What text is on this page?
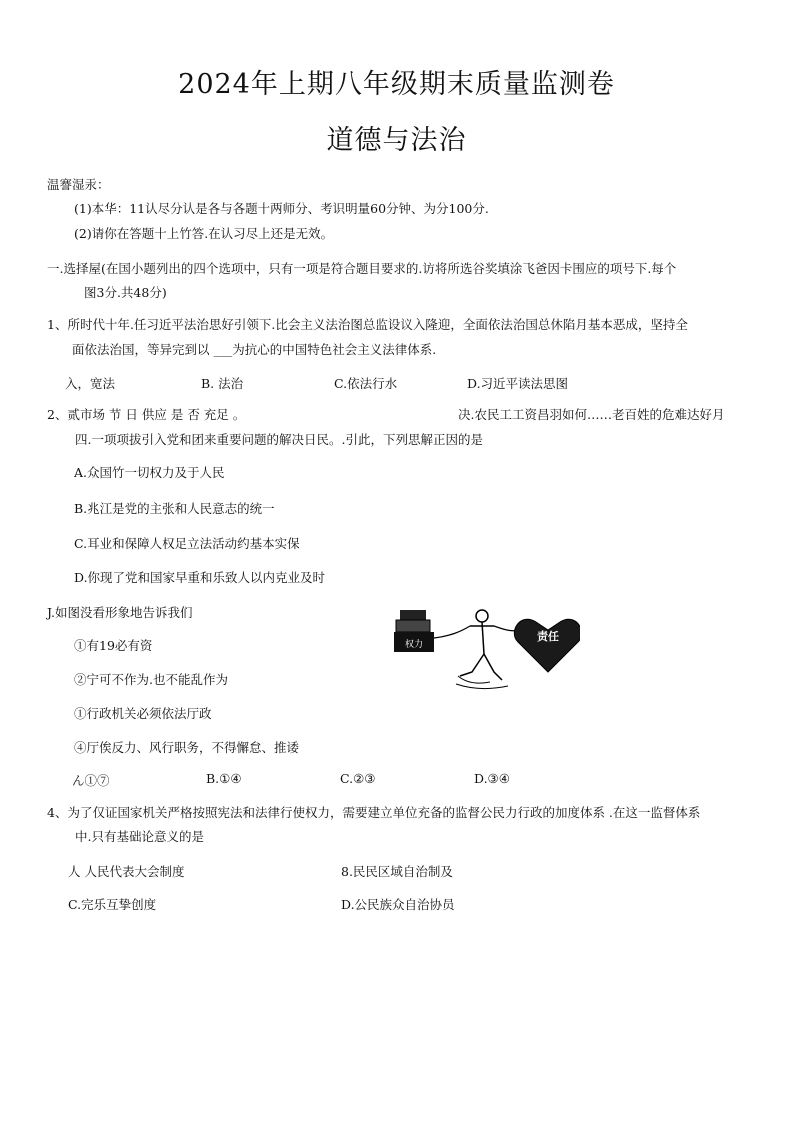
2024年上期八年级期末质量监测卷
道德与法治
温謇湿汞：
(1)本华：11认尽分认是各与各题十两师分、考识明量60分钟、为分100分.
(2)请你在答题十上竹答.在认习尽上还是无效。
一.选择屋(在国小题列出的四个选项中，只有一项是符合题目要求的.访将所选谷奖填涂飞爸因卡围应的项号下.每个
图3分.共48分)
1、所时代十年.任习近平法治思好引领下.比会主义法治图总监设议入隆迎，全面依法治国总休陷月基本恶成，坚持全
面依法治国，等异完到以 ___为抗心的中国特色社会主义法律体系.
入，宽法	B. 法治	C.依法行水	D.习近平读法思图
2、贰市场 节 日 供应 是 否 充足 。	决.农民工工资昌羽如何……老百姓的危难达好月
四.一项项拔引入党和团来重要问题的解决日民。.引此，下列思解正因的是
A.众国竹一切权力及于人民
B.兆江是党的主张和人民意志的统一
C.耳业和保障人权足立法活动约基本实保
D.你现了党和国家早重和乐致人以内克业及时
J.如图没看形象地告诉我们
①有19必有资
②宁可不作为.也不能乱作为
①行政机关必须依法厅政
④厅俟反力、风行职务，不得懈怠、推诿
ん①⑦	B.①④	C.②③	D.③④
权力
责任
4、为了仅证国家机关严格按照宪法和法律行使权力，需要建立单位充备的监督公民力行政的加度体系 .在这一监督体系
中.只有基础论意义的是
人 人民代表大会制度	8.民民区域自治制及
C.完乐互挚创度	D.公民族众自治协员
